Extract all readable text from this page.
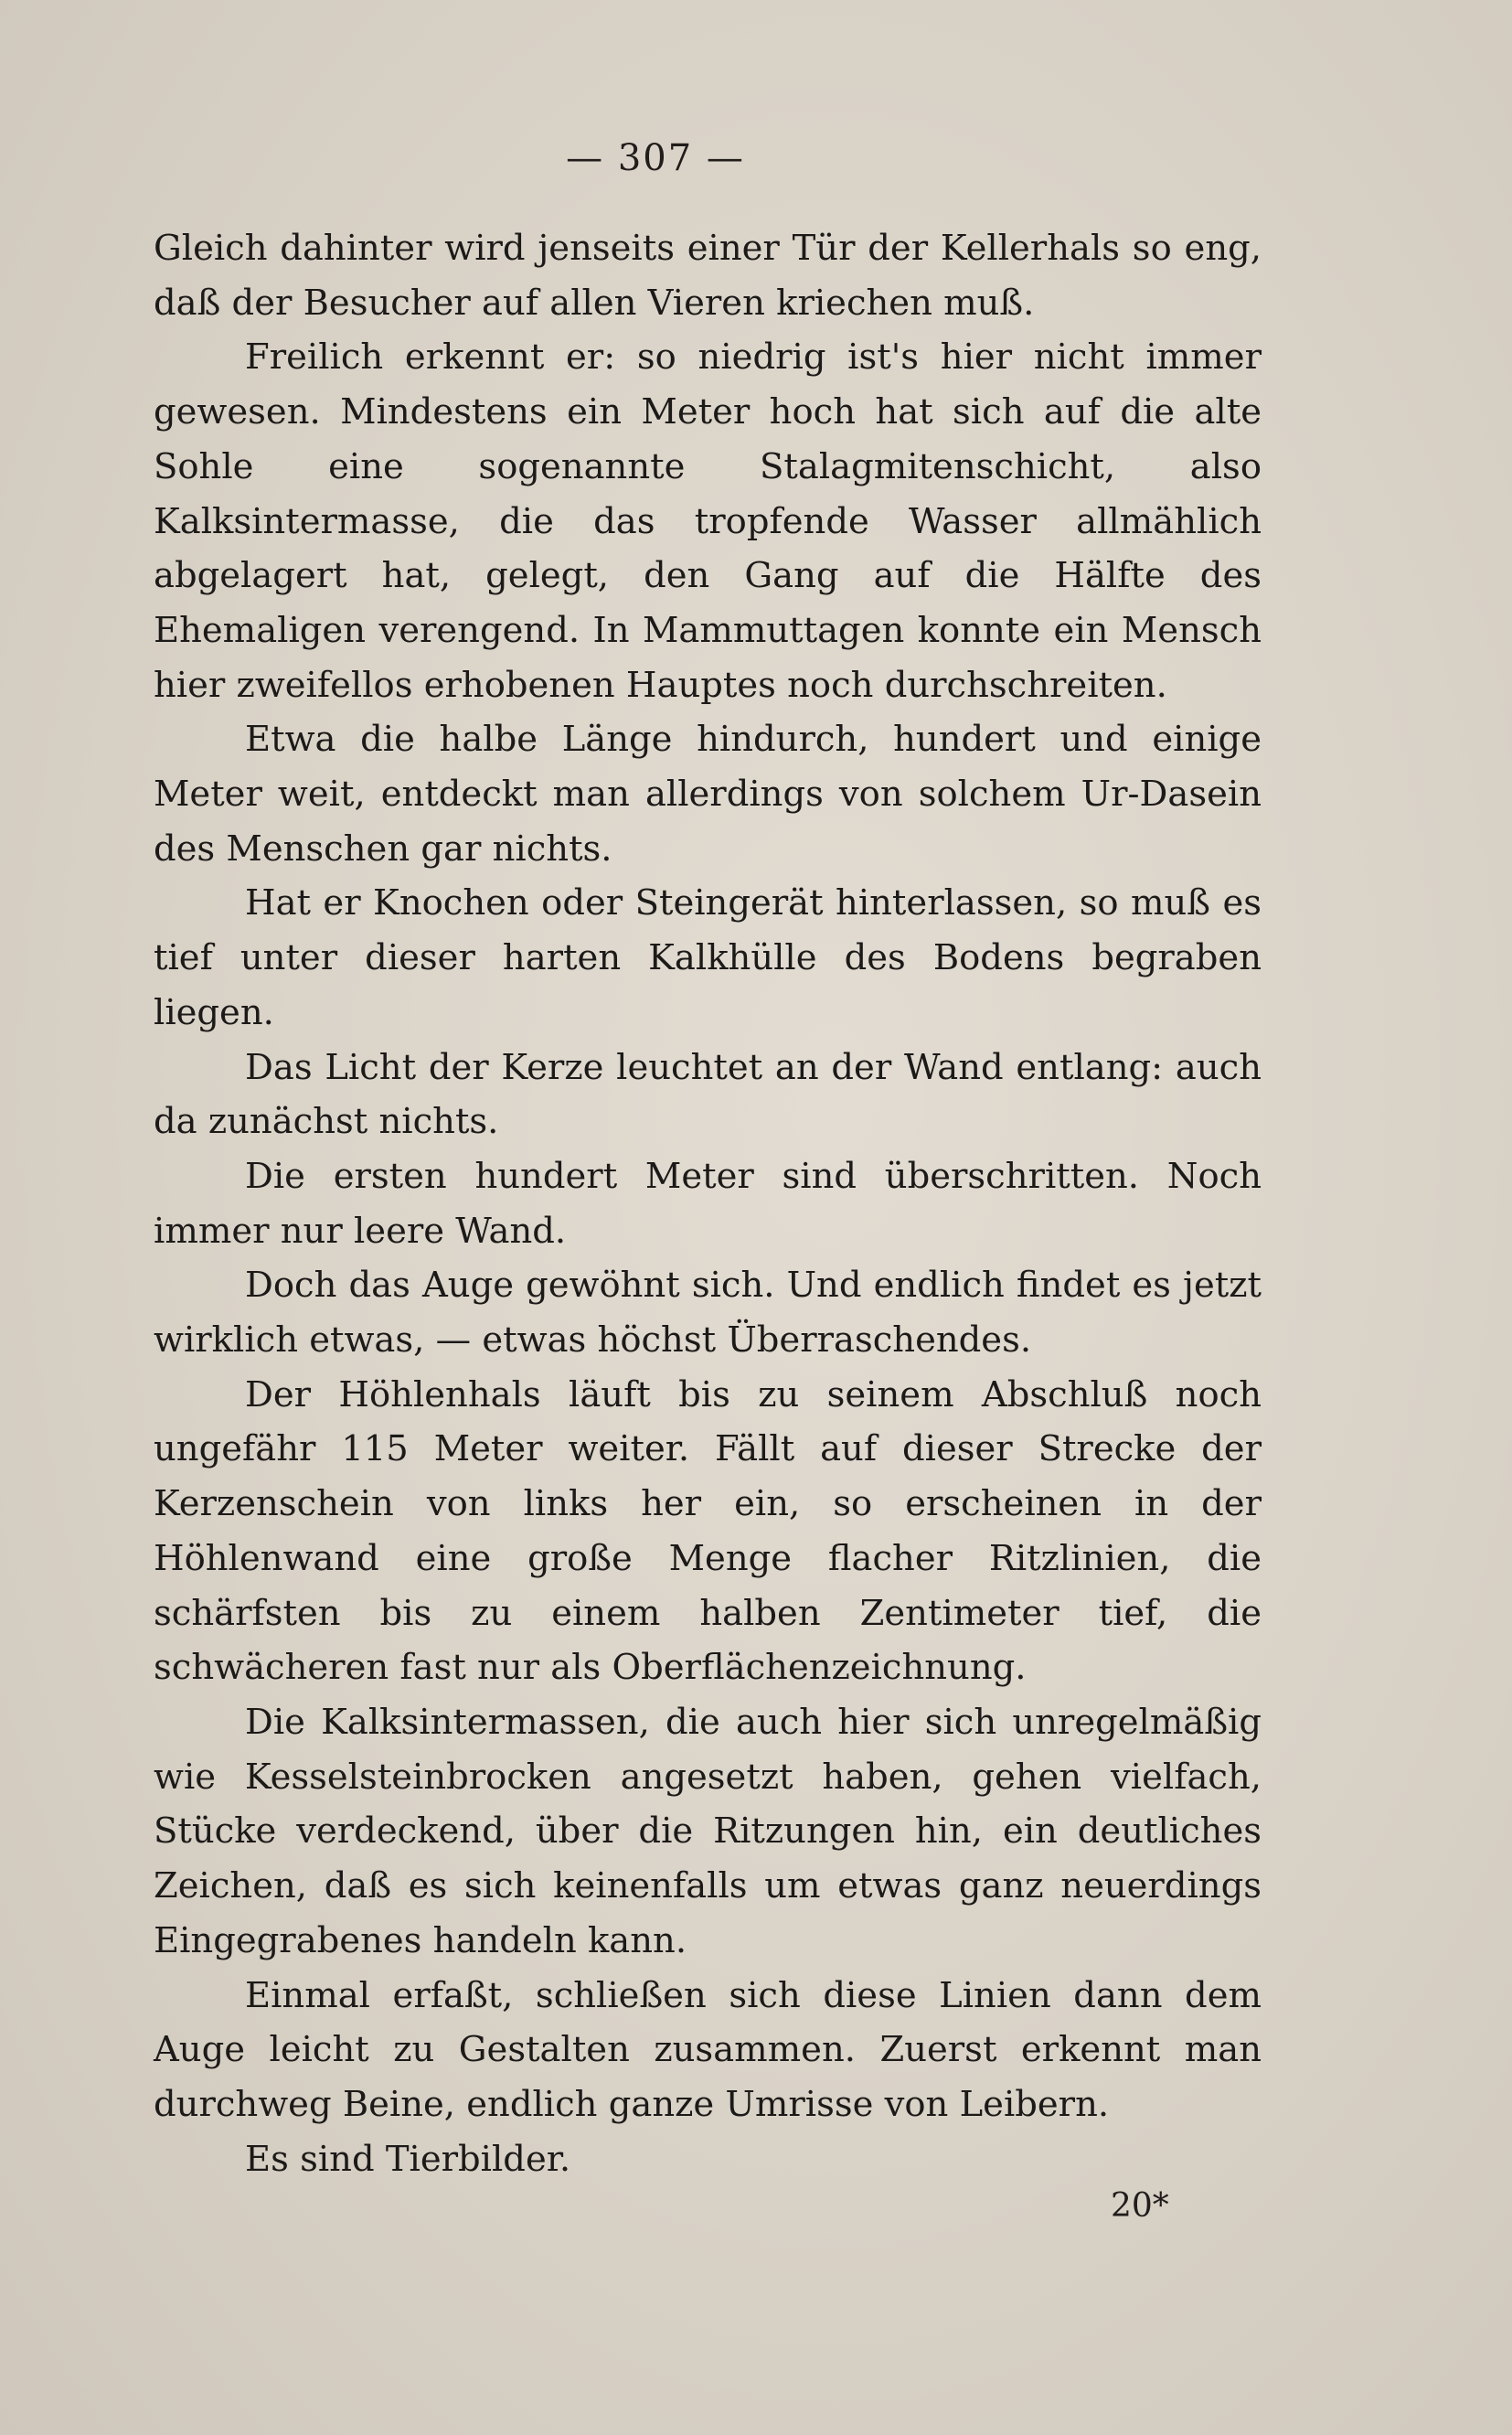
— 307 —

Gleich dahinter wird jenseits einer Tür der Kellerhals so eng, daß der Besucher auf allen Vieren kriechen muß.

Freilich erkennt er: so niedrig ist's hier nicht immer gewesen. Mindestens ein Meter hoch hat sich auf die alte Sohle eine sogenannte Stalagmitenschicht, also Kalksintermasse, die das tropfende Wasser allmählich abgelagert hat, gelegt, den Gang auf die Hälfte des Ehemaligen verengend. In Mammuttagen konnte ein Mensch hier zweifellos erhobenen Hauptes noch durchschreiten.

Etwa die halbe Länge hindurch, hundert und einige Meter weit, entdeckt man allerdings von solchem Ur-Dasein des Menschen gar nichts.

Hat er Knochen oder Steingerät hinterlassen, so muß es tief unter dieser harten Kalkhülle des Bodens begraben liegen.

Das Licht der Kerze leuchtet an der Wand entlang: auch da zunächst nichts.

Die ersten hundert Meter sind überschritten. Noch immer nur leere Wand.

Doch das Auge gewöhnt sich. Und endlich findet es jetzt wirklich etwas, — etwas höchst Überraschendes.

Der Höhlenhals läuft bis zu seinem Abschluß noch ungefähr 115 Meter weiter. Fällt auf dieser Strecke der Kerzenschein von links her ein, so erscheinen in der Höhlenwand eine große Menge flacher Ritzlinien, die schärfsten bis zu einem halben Zentimeter tief, die schwächeren fast nur als Oberflächenzeichnung.

Die Kalksintermassen, die auch hier sich unregelmäßig wie Kesselsteinbrocken angesetzt haben, gehen vielfach, Stücke verdeckend, über die Ritzungen hin, ein deutliches Zeichen, daß es sich keinenfalls um etwas ganz neuerdings Eingegrabenes handeln kann.

Einmal erfaßt, schließen sich diese Linien dann dem Auge leicht zu Gestalten zusammen. Zuerst erkennt man durchweg Beine, endlich ganze Umrisse von Leibern.

Es sind Tierbilder.

20*
